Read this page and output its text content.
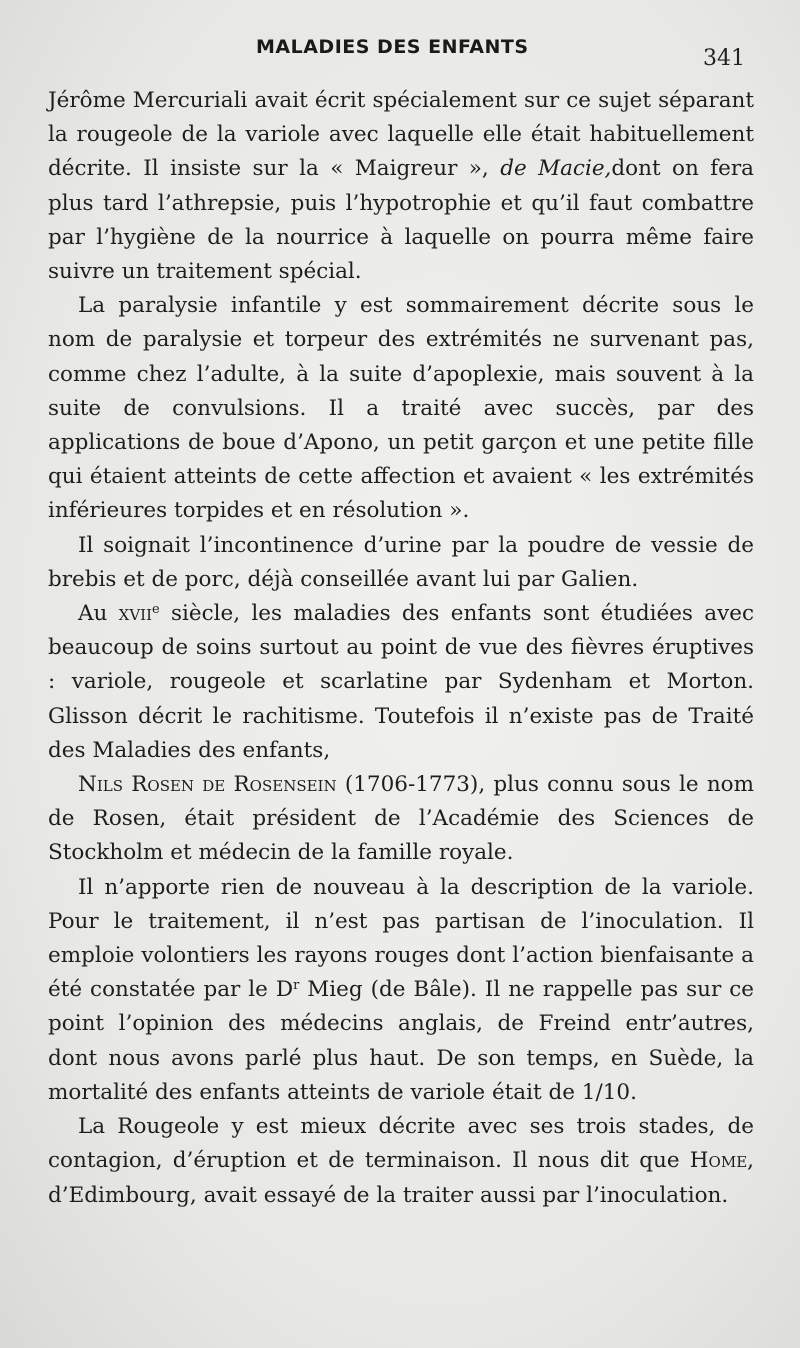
MALADIES DES ENFANTS	341

Jérôme Mercuriali avait écrit spécialement sur ce sujet séparant la rougeole de la variole avec laquelle elle était habituellement décrite. Il insiste sur la « Maigreur », de Macie,dont on fera plus tard l’athrepsie, puis l’hypotrophie et qu’il faut combattre par l’hygiène de la nourrice à laquelle on pourra même faire suivre un traitement spécial.

La paralysie infantile y est sommairement décrite sous le nom de paralysie et torpeur des extrémités ne survenant pas, comme chez l’adulte, à la suite d’apoplexie, mais souvent à la suite de convulsions. Il a traité avec succès, par des applications de boue d’Apono, un petit garçon et une petite fille qui étaient atteints de cette affection et avaient « les extrémités inférieures torpides et en résolution ».

Il soignait l’incontinence d’urine par la poudre de vessie de brebis et de porc, déjà conseillée avant lui par Galien.

Au xvii$^e$ siècle, les maladies des enfants sont étudiées avec beaucoup de soins surtout au point de vue des fièvres éruptives : variole, rougeole et scarlatine par Sydenham et Morton. Glisson décrit le rachitisme. Toutefois il n’existe pas de Traité des Maladies des enfants,

Nils Rosen de Rosensein (1706-1773), plus connu sous le nom de Rosen, était président de l’Académie des Sciences de Stockholm et médecin de la famille royale.

Il n’apporte rien de nouveau à la description de la variole. Pour le traitement, il n’est pas partisan de l’inoculation. Il emploie volontiers les rayons rouges dont l’action bienfaisante a été constatée par le $D^r$ Mieg (de Bâle). Il ne rappelle pas sur ce point l’opinion des médecins anglais, de Freind entr’autres, dont nous avons parlé plus haut. De son temps, en Suède, la mortalité des enfants atteints de variole était de 1/10.

La Rougeole y est mieux décrite avec ses trois stades, de contagion, d’éruption et de terminaison. Il nous dit que Home, d’Edimbourg, avait essayé de la traiter aussi par l’inoculation.
